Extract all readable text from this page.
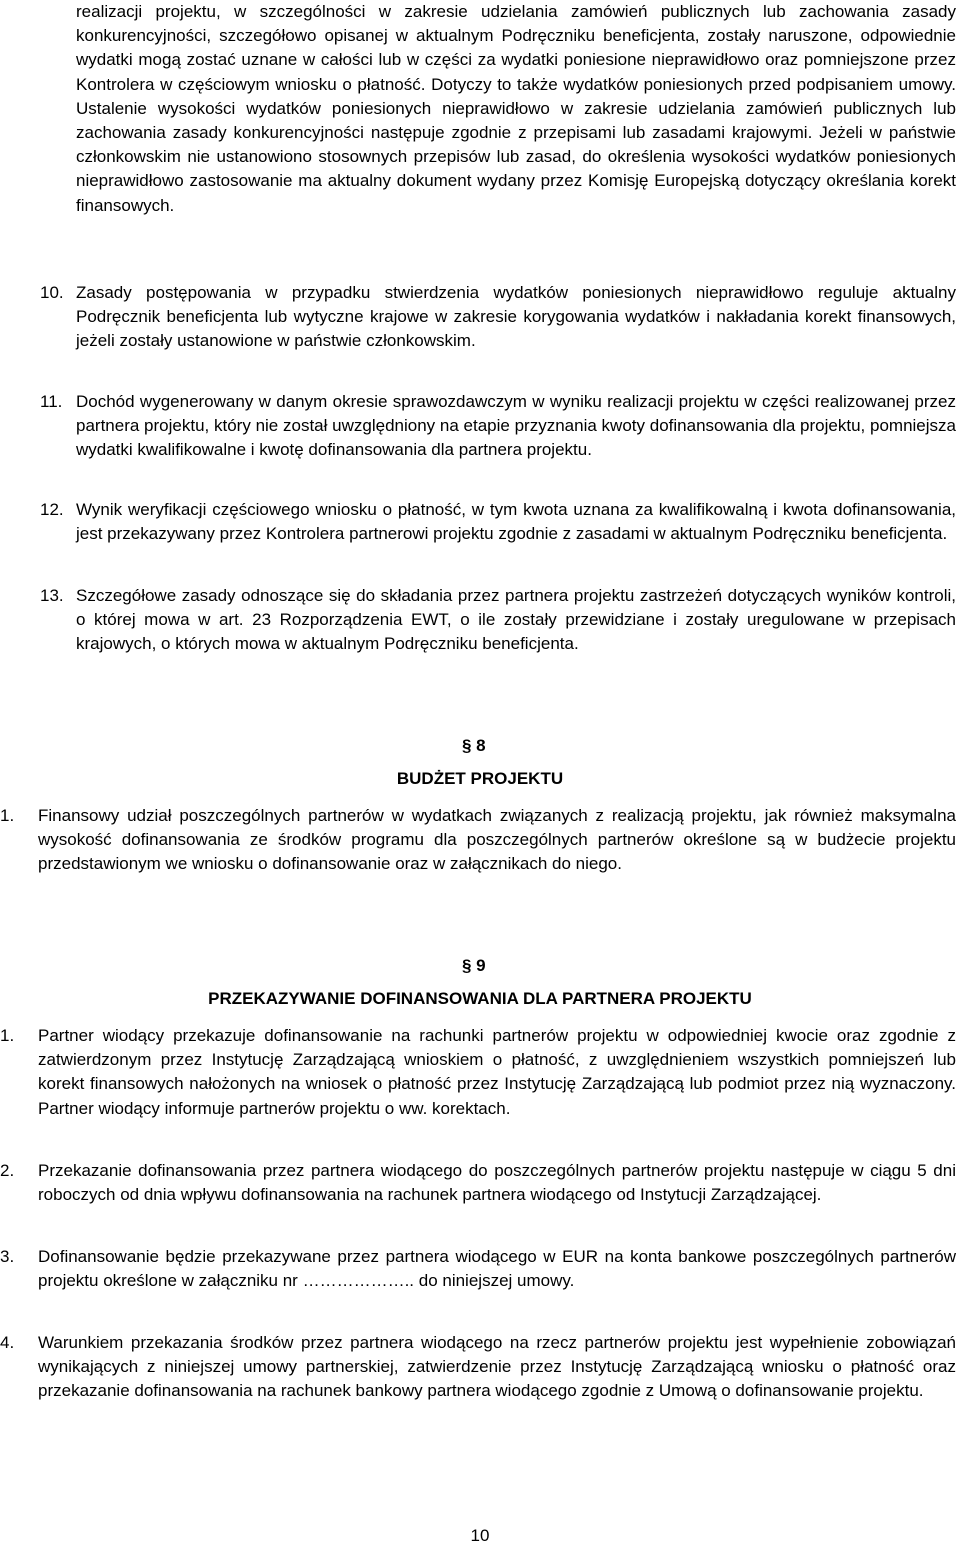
realizacji projektu, w szczególności w zakresie udzielania zamówień publicznych lub zachowania zasady konkurencyjności, szczegółowo opisanej w aktualnym Podręczniku beneficjenta, zostały naruszone, odpowiednie wydatki mogą zostać uznane w całości lub w części za wydatki poniesione nieprawidłowo oraz pomniejszone przez Kontrolera w częściowym wniosku o płatność. Dotyczy to także wydatków poniesionych przed podpisaniem umowy. Ustalenie wysokości wydatków poniesionych nieprawidłowo w zakresie udzielania zamówień publicznych lub zachowania zasady konkurencyjności następuje zgodnie z przepisami lub zasadami krajowymi. Jeżeli w państwie członkowskim nie ustanowiono stosownych przepisów lub zasad, do określenia wysokości wydatków poniesionych nieprawidłowo zastosowanie ma aktualny dokument wydany przez Komisję Europejską dotyczący określania korekt finansowych.

10. Zasady postępowania w przypadku stwierdzenia wydatków poniesionych nieprawidłowo reguluje aktualny Podręcznik beneficjenta lub wytyczne krajowe w zakresie korygowania wydatków i nakładania korekt finansowych, jeżeli zostały ustanowione w państwie członkowskim.
11. Dochód wygenerowany w danym okresie sprawozdawczym w wyniku realizacji projektu w części realizowanej przez partnera projektu, który nie został uwzględniony na etapie przyznania kwoty dofinansowania dla projektu, pomniejsza wydatki kwalifikowalne i kwotę dofinansowania dla partnera projektu.
12. Wynik weryfikacji częściowego wniosku o płatność, w tym kwota uznana za kwalifikowalną i kwota dofinansowania, jest przekazywany przez Kontrolera partnerowi projektu zgodnie z zasadami w aktualnym Podręczniku beneficjenta.
13. Szczegółowe zasady odnoszące się do składania przez partnera projektu zastrzeżeń dotyczących wyników kontroli, o której mowa w art. 23 Rozporządzenia EWT, o ile zostały przewidziane i zostały uregulowane w przepisach krajowych, o których mowa w aktualnym Podręczniku beneficjenta.
§ 8
BUDŻET PROJEKTU
1. Finansowy udział poszczególnych partnerów w wydatkach związanych z realizacją projektu, jak również maksymalna wysokość dofinansowania ze środków programu dla poszczególnych partnerów określone są w budżecie projektu przedstawionym we wniosku o dofinansowanie oraz w załącznikach do niego.
§ 9
PRZEKAZYWANIE DOFINANSOWANIA DLA PARTNERA PROJEKTU
1. Partner wiodący przekazuje dofinansowanie na rachunki partnerów projektu w odpowiedniej kwocie oraz zgodnie z zatwierdzonym przez Instytucję Zarządzającą wnioskiem o płatność, z uwzględnieniem wszystkich pomniejszeń lub korekt finansowych nałożonych na wniosek o płatność przez Instytucję Zarządzającą lub podmiot przez nią wyznaczony. Partner wiodący informuje partnerów projektu o ww. korektach.
2. Przekazanie dofinansowania przez partnera wiodącego do poszczególnych partnerów projektu następuje w ciągu 5 dni roboczych od dnia wpływu dofinansowania na rachunek partnera wiodącego od Instytucji Zarządzającej.
3. Dofinansowanie będzie przekazywane przez partnera wiodącego w EUR na konta bankowe poszczególnych partnerów projektu określone w załączniku nr ……………….. do niniejszej umowy.
4. Warunkiem przekazania środków przez partnera wiodącego na rzecz partnerów projektu jest wypełnienie zobowiązań wynikających z niniejszej umowy partnerskiej, zatwierdzenie przez Instytucję Zarządzającą wniosku o płatność oraz przekazanie dofinansowania na rachunek bankowy partnera wiodącego zgodnie z Umową o dofinansowanie projektu.
10
